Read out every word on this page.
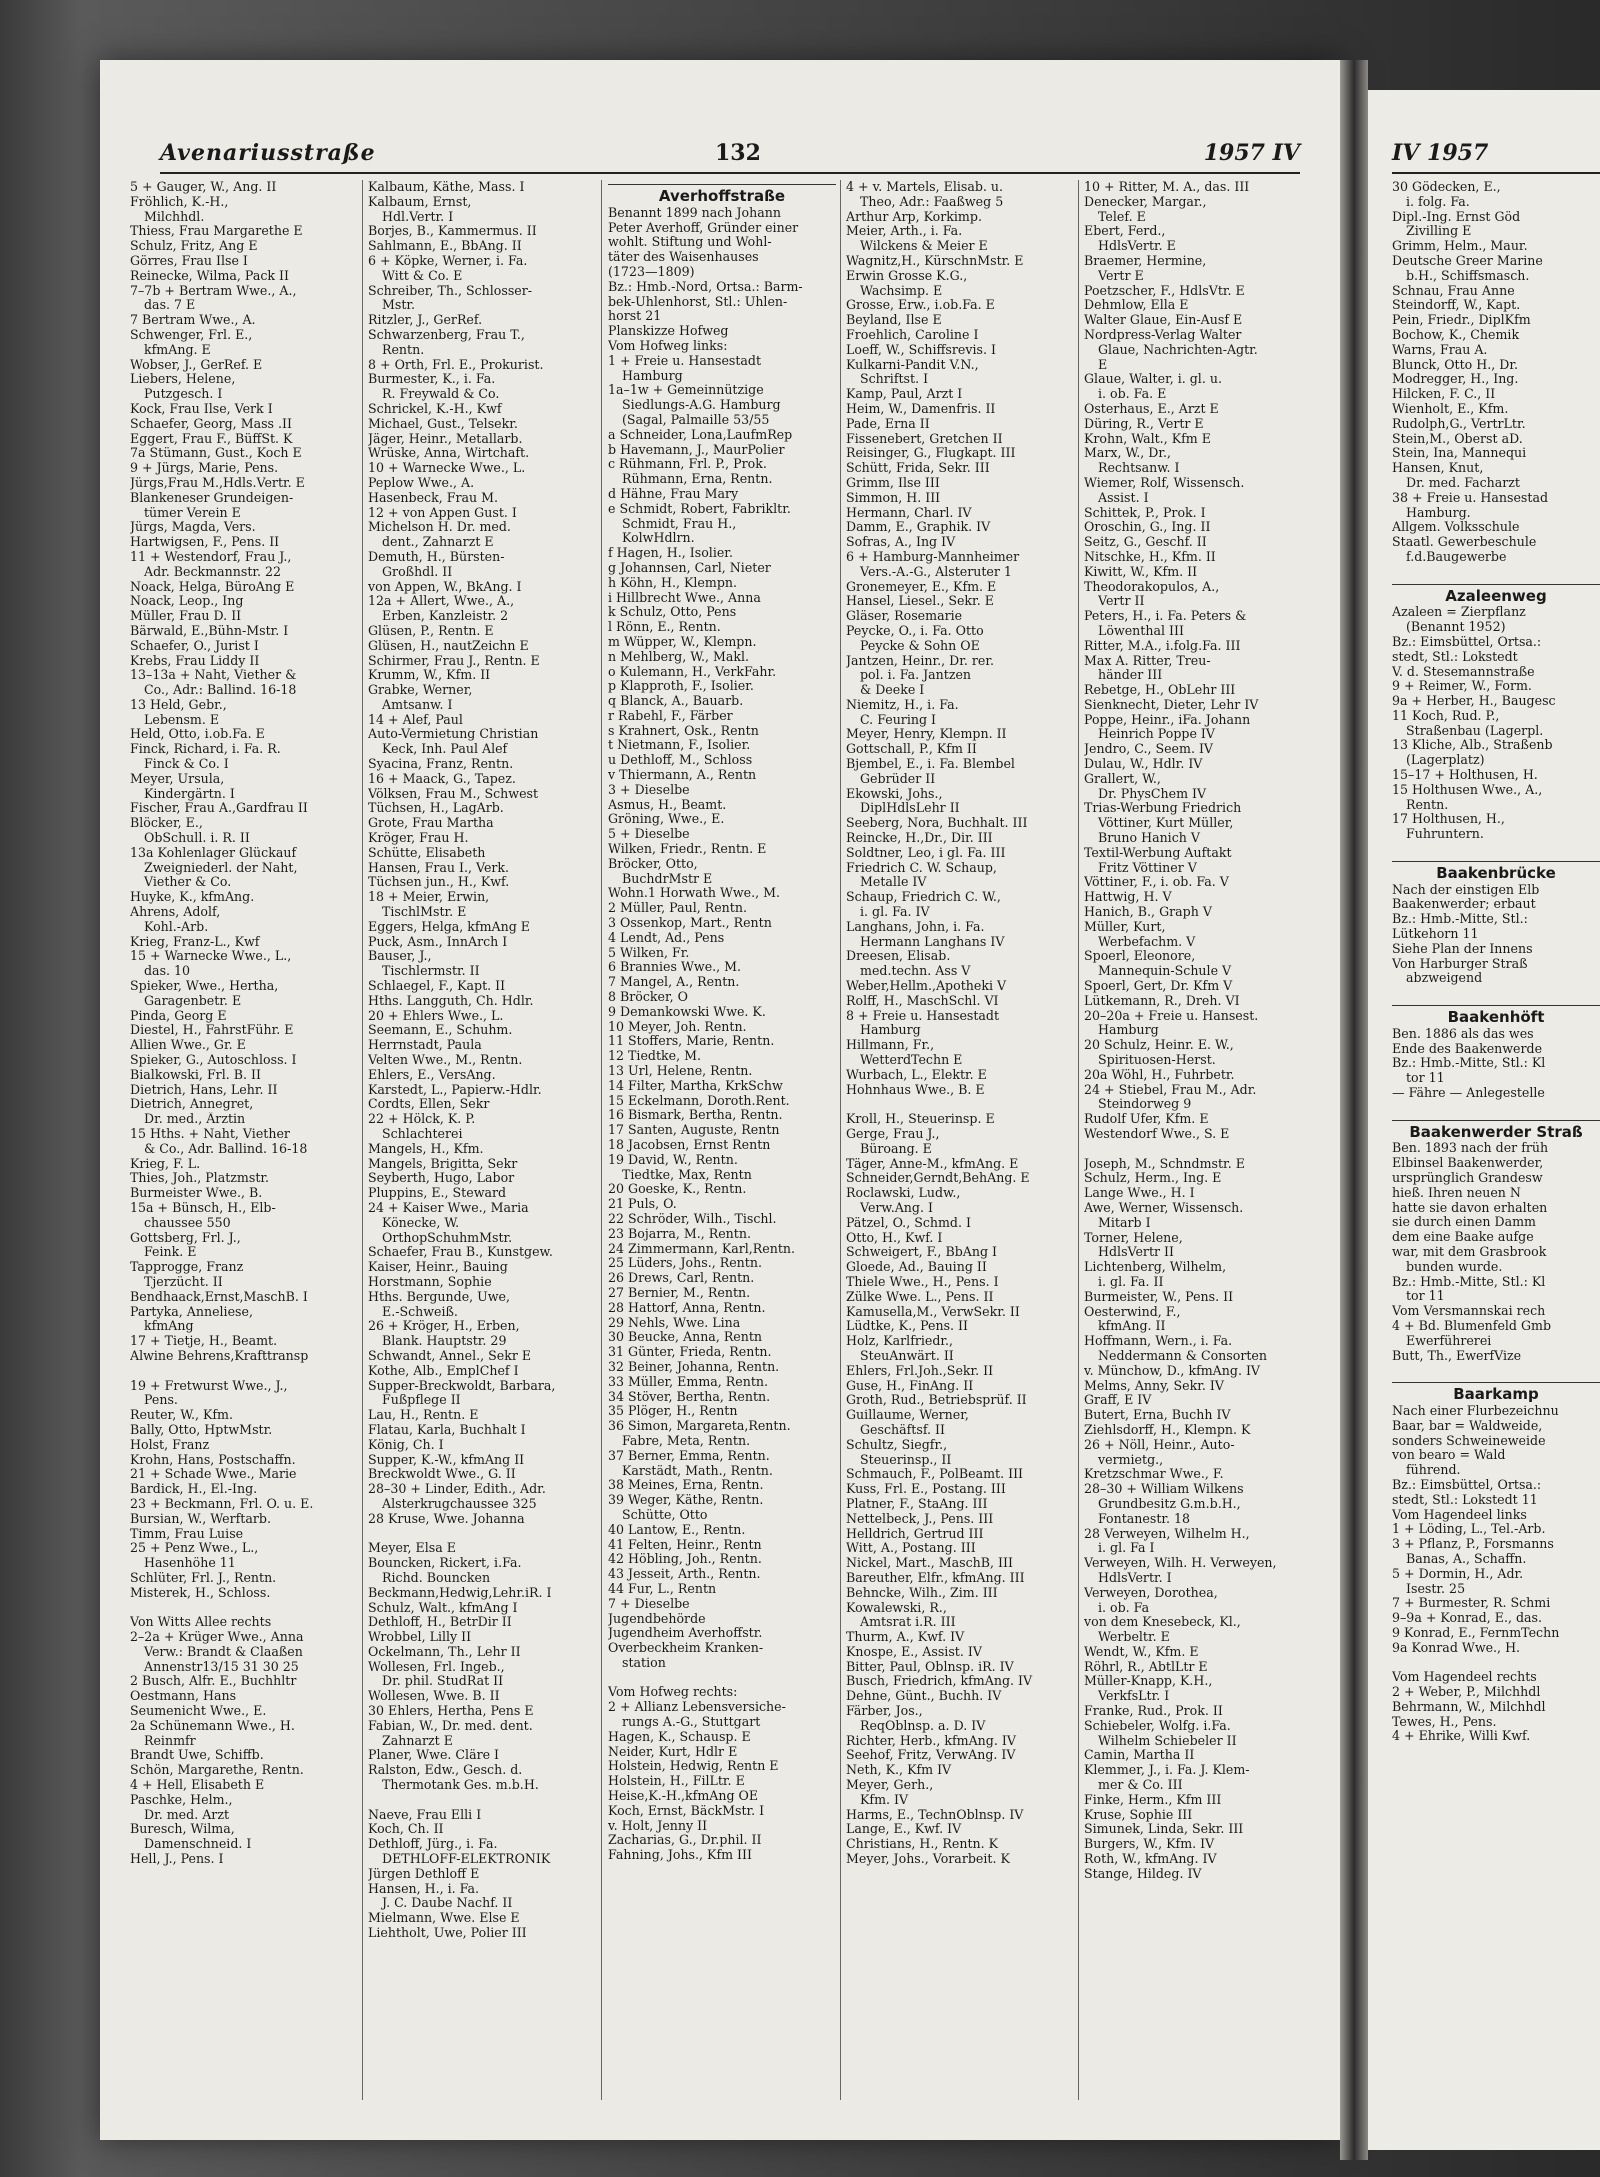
Avenariusstraße	132	1957 IV
5 + Gauger, W., Ang. II
Fröhlich, K.-H.,
Milchhdl.
Thiess, Frau Margarethe E
Schulz, Fritz, Ang E
Görres, Frau Ilse I
Reinecke, Wilma, Pack II
7–7b + Bertram Wwe., A.,
das. 7 E
7 Bertram Wwe., A.
Schwenger, Frl. E.,
kfmAng. E
Wobser, J., GerRef. E
Liebers, Helene,
Putzgesch. I
Kock, Frau Ilse, Verk I
Schaefer, Georg, Mass .II
Eggert, Frau F., BüffSt. K
7a Stümann, Gust., Koch E
9 + Jürgs, Marie, Pens.
Jürgs,Frau M.,Hdls.Vertr. E
Blankeneser Grundeigen-
tümer Verein E
Jürgs, Magda, Vers.
Hartwigsen, F., Pens. II
11 + Westendorf, Frau J.,
Adr. Beckmannstr. 22
Noack, Helga, BüroAng E
Noack, Leop., Ing
Müller, Frau D. II
Bärwald, E.,Bühn-Mstr. I
Schaefer, O., Jurist I
Krebs, Frau Liddy II
13–13a + Naht, Viether &
Co., Adr.: Ballind. 16-18
13 Held, Gebr.,
Lebensm. E
Held, Otto, i.ob.Fa. E
Finck, Richard, i. Fa. R.
Finck & Co. I
Meyer, Ursula,
Kindergärtn. I
Fischer, Frau A.,Gardfrau II
Blöcker, E.,
ObSchull. i. R. II
13a Kohlenlager Glückauf
Zweigniederl. der Naht,
Viether & Co.
Huyke, K., kfmAng.
Ahrens, Adolf,
Kohl.-Arb.
Krieg, Franz-L., Kwf
15 + Warnecke Wwe., L.,
das. 10
Spieker, Wwe., Hertha,
Garagenbetr. E
Pinda, Georg E
Diestel, H., FahrstFühr. E
Allien Wwe., Gr. E
Spieker, G., Autoschloss. I
Bialkowski, Frl. B. II
Dietrich, Hans, Lehr. II
Dietrich, Annegret,
Dr. med., Ärztin
15 Hths. + Naht, Viether
& Co., Adr. Ballind. 16-18
Krieg, F. L.
Thies, Joh., Platzmstr.
Burmeister Wwe., B.
15a + Bünsch, H., Elb-
chaussee 550
Gottsberg, Frl. J.,
Feink. E
Tapprogge, Franz
Tjerzücht. II
Bendhaack,Ernst,MaschB. I
Partyka, Anneliese,
kfmAng
17 + Tietje, H., Beamt.
Alwine Behrens,Krafttransp

19 + Fretwurst Wwe., J.,
Pens.
Reuter, W., Kfm.
Bally, Otto, HptwMstr.
Holst, Franz
Krohn, Hans, Postschaffn.
21 + Schade Wwe., Marie
Bardick, H., El.-Ing.
23 + Beckmann, Frl. O. u. E.
Bursian, W., Werftarb.
Timm, Frau Luise
25 + Penz Wwe., L.,
Hasenhöhe 11
Schlüter, Frl. J., Rentn.
Misterek, H., Schloss.

Von Witts Allee rechts
2–2a + Krüger Wwe., Anna
Verw.: Brandt & Claaßen
Annenstr13/15 31 30 25
2 Busch, Alfr. E., Buchhltr
Oestmann, Hans
Seumenicht Wwe., E.
2a Schünemann Wwe., H.
Reinmfr
Brandt Uwe, Schiffb.
Schön, Margarethe, Rentn.
4 + Hell, Elisabeth E
Paschke, Helm.,
Dr. med. Arzt
Buresch, Wilma,
Damenschneid. I
Hell, J., Pens. I
Kalbaum, Käthe, Mass. I
Kalbaum, Ernst,
Hdl.Vertr. I
Borjes, B., Kammermus. II
Sahlmann, E., BbAng. II
6 + Köpke, Werner, i. Fa.
Witt & Co. E
Schreiber, Th., Schlosser-
Mstr.
Ritzler, J., GerRef.
Schwarzenberg, Frau T.,
Rentn.
8 + Orth, Frl. E., Prokurist.
Burmester, K., i. Fa.
R. Freywald & Co.
Schrickel, K.-H., Kwf
Michael, Gust., Telsekr.
Jäger, Heinr., Metallarb.
Wrüske, Anna, Wirtchaft.
10 + Warnecke Wwe., L.
Peplow Wwe., A.
Hasenbeck, Frau M.
12 + von Appen Gust. I
Michelson H. Dr. med.
dent., Zahnarzt E
Demuth, H., Bürsten-
Großhdl. II
von Appen, W., BkAng. I
12a + Allert, Wwe., A.,
Erben, Kanzleistr. 2
Glüsen, P., Rentn. E
Glüsen, H., nautZeichn E
Schirmer, Frau J., Rentn. E
Krumm, W., Kfm. II
Grabke, Werner,
Amtsanw. I
14 + Alef, Paul
Auto-Vermietung Christian
Keck, Inh. Paul Alef
Syacina, Franz, Rentn.
16 + Maack, G., Tapez.
Völksen, Frau M., Schwest
Tüchsen, H., LagArb.
Grote, Frau Martha
Kröger, Frau H.
Schütte, Elisabeth
Hansen, Frau I., Verk.
Tüchsen jun., H., Kwf.
18 + Meier, Erwin,
TischlMstr. E
Eggers, Helga, kfmAng E
Puck, Asm., InnArch I
Bauser, J.,
Tischlermstr. II
Schlaegel, F., Kapt. II
Hths. Langguth, Ch. Hdlr.
20 + Ehlers Wwe., L.
Seemann, E., Schuhm.
Herrnstadt, Paula
Velten Wwe., M., Rentn.
Ehlers, E., VersAng.
Karstedt, L., Papierw.-Hdlr.
Cordts, Ellen, Sekr
22 + Hölck, K. P.
Schlachterei
Mangels, H., Kfm.
Mangels, Brigitta, Sekr
Seyberth, Hugo, Labor
Pluppins, E., Steward
24 + Kaiser Wwe., Maria
Könecke, W.
OrthopSchuhmMstr.
Schaefer, Frau B., Kunstgew.
Kaiser, Heinr., Bauing
Horstmann, Sophie
Hths. Bergunde, Uwe,
E.-Schweiß.
26 + Kröger, H., Erben,
Blank. Hauptstr. 29
Schwandt, Annel., Sekr E
Kothe, Alb., EmplChef I
Supper-Breckwoldt, Barbara,
Fußpflege II
Lau, H., Rentn. E
Flatau, Karla, Buchhalt I
König, Ch. I
Supper, K.-W., kfmAng II
Breckwoldt Wwe., G. II
28–30 + Linder, Edith., Adr.
Alsterkrugchaussee 325
28 Kruse, Wwe. Johanna

Meyer, Elsa E
Bouncken, Rickert, i.Fa.
Richd. Bouncken
Beckmann,Hedwig,Lehr.iR. I
Schulz, Walt., kfmAng I
Dethloff, H., BetrDir II
Wrobbel, Lilly II
Ockelmann, Th., Lehr II
Wollesen, Frl. Ingeb.,
Dr. phil. StudRat II
Wollesen, Wwe. B. II
30 Ehlers, Hertha, Pens E
Fabian, W., Dr. med. dent.
Zahnarzt E
Planer, Wwe. Cläre I
Ralston, Edw., Gesch. d.
Thermotank Ges. m.b.H.

Naeve, Frau Elli I
Koch, Ch. II
Dethloff, Jürg., i. Fa.
DETHLOFF-ELEKTRONIK
Jürgen Dethloff E
Hansen, H., i. Fa.
J. C. Daube Nachf. II
Mielmann, Wwe. Else E
Liehtholt, Uwe, Polier III
Averhoffstraße
Benannt 1899 nach Johann
Peter Averhoff, Gründer einer
wohlt. Stiftung und Wohl-
täter des Waisenhauses
(1723—1809)
Bz.: Hmb.-Nord, Ortsa.: Barm-
bek-Uhlenhorst, Stl.: Uhlen-
horst 21
Planskizze Hofweg
Vom Hofweg links:
1 + Freie u. Hansestadt
Hamburg
1a–1w + Gemeinnützige
Siedlungs-A.G. Hamburg
(Sagal, Palmaille 53/55
a Schneider, Lona,LaufmRep
b Havemann, J., MaurPolier
c Rühmann, Frl. P., Prok.
Rühmann, Erna, Rentn.
d Hähne, Frau Mary
e Schmidt, Robert, Fabrikltr.
Schmidt, Frau H.,
KolwHdlrn.
f Hagen, H., Isolier.
g Johannsen, Carl, Nieter
h Köhn, H., Klempn.
i Hillbrecht Wwe., Anna
k Schulz, Otto, Pens
l Rönn, E., Rentn.
m Wüpper, W., Klempn.
n Mehlberg, W., Makl.
o Kulemann, H., VerkFahr.
p Klapproth, F., Isolier.
q Blanck, A., Bauarb.
r Rabehl, F., Färber
s Krahnert, Osk., Rentn
t Nietmann, F., Isolier.
u Dethloff, M., Schloss
v Thiermann, A., Rentn
3 + Dieselbe
Asmus, H., Beamt.
Gröning, Wwe., E.
5 + Dieselbe
Wilken, Friedr., Rentn. E
Bröcker, Otto,
BuchdrMstr E
Wohn.1 Horwath Wwe., M.
2 Müller, Paul, Rentn.
3 Ossenkop, Mart., Rentn
4 Lendt, Ad., Pens
5 Wilken, Fr.
6 Brannies Wwe., M.
7 Mangel, A., Rentn.
8 Bröcker, O
9 Demankowski Wwe. K.
10 Meyer, Joh. Rentn.
11 Stoffers, Marie, Rentn.
12 Tiedtke, M.
13 Url, Helene, Rentn.
14 Filter, Martha, KrkSchw
15 Eckelmann, Doroth.Rent.
16 Bismark, Bertha, Rentn.
17 Santen, Auguste, Rentn
18 Jacobsen, Ernst Rentn
19 David, W., Rentn.
Tiedtke, Max, Rentn
20 Goeske, K., Rentn.
21 Puls, O.
22 Schröder, Wilh., Tischl.
23 Bojarra, M., Rentn.
24 Zimmermann, Karl,Rentn.
25 Lüders, Johs., Rentn.
26 Drews, Carl, Rentn.
27 Bernier, M., Rentn.
28 Hattorf, Anna, Rentn.
29 Nehls, Wwe. Lina
30 Beucke, Anna, Rentn
31 Günter, Frieda, Rentn.
32 Beiner, Johanna, Rentn.
33 Müller, Emma, Rentn.
34 Stöver, Bertha, Rentn.
35 Plöger, H., Rentn
36 Simon, Margareta,Rentn.
Fabre, Meta, Rentn.
37 Berner, Emma, Rentn.
Karstädt, Math., Rentn.
38 Meines, Erna, Rentn.
39 Weger, Käthe, Rentn.
Schütte, Otto
40 Lantow, E., Rentn.
41 Felten, Heinr., Rentn
42 Höbling, Joh., Rentn.
43 Jesseit, Arth., Rentn.
44 Fur, L., Rentn
7 + Dieselbe
Jugendbehörde
Jugendheim Averhoffstr.
Overbeckheim Kranken-
station

Vom Hofweg rechts:
2 + Allianz Lebensversiche-
rungs A.-G., Stuttgart
Hagen, K., Schausp. E
Neider, Kurt, Hdlr E
Holstein, Hedwig, Rentn E
Holstein, H., FilLtr. E
Heise,K.-H.,kfmAng OE
Koch, Ernst, BäckMstr. I
v. Holt, Jenny II
Zacharias, G., Dr.phil. II
Fahning, Johs., Kfm III
4 + v. Martels, Elisab. u.
Theo, Adr.: Faaßweg 5
Arthur Arp, Korkimp.
Meier, Arth., i. Fa.
Wilckens & Meier E
Wagnitz,H., KürschnMstr. E
Erwin Grosse K.G.,
Wachsimp. E
Grosse, Erw., i.ob.Fa. E
Beyland, Ilse E
Froehlich, Caroline I
Loeff, W., Schiffsrevis. I
Kulkarni-Pandit V.N.,
Schriftst. I
Kamp, Paul, Arzt I
Heim, W., Damenfris. II
Pade, Erna II
Fissenebert, Gretchen II
Reisinger, G., Flugkapt. III
Schütt, Frida, Sekr. III
Grimm, Ilse III
Simmon, H. III
Hermann, Charl. IV
Damm, E., Graphik. IV
Sofras, A., Ing IV
6 + Hamburg-Mannheimer
Vers.-A.-G., Alsteruter 1
Gronemeyer, E., Kfm. E
Hansel, Liesel., Sekr. E
Gläser, Rosemarie
Peycke, O., i. Fa. Otto
Peycke & Sohn OE
Jantzen, Heinr., Dr. rer.
pol. i. Fa. Jantzen
& Deeke I
Niemitz, H., i. Fa.
C. Feuring I
Meyer, Henry, Klempn. II
Gottschall, P., Kfm II
Bjembel, E., i. Fa. Blembel
Gebrüder II
Ekowski, Johs.,
DiplHdlsLehr II
Seeberg, Nora, Buchhalt. III
Reincke, H.,Dr., Dir. III
Soldtner, Leo, i gl. Fa. III
Friedrich C. W. Schaup,
Metalle IV
Schaup, Friedrich C. W.,
i. gl. Fa. IV
Langhans, John, i. Fa.
Hermann Langhans IV
Dreesen, Elisab.
med.techn. Ass V
Weber,Hellm.,Apotheki V
Rolff, H., MaschSchl. VI
8 + Freie u. Hansestadt
Hamburg
Hillmann, Fr.,
WetterdTechn E
Wurbach, L., Elektr. E
Hohnhaus Wwe., B. E

Kroll, H., Steuerinsp. E
Gerge, Frau J.,
Büroang. E
Täger, Anne-M., kfmAng. E
Schneider,Gerndt,BehAng. E
Roclawski, Ludw.,
Verw.Ang. I
Pätzel, O., Schmd. I
Otto, H., Kwf. I
Schweigert, F., BbAng I
Gloede, Ad., Bauing II
Thiele Wwe., H., Pens. I
Zülke Wwe. L., Pens. II
Kamusella,M., VerwSekr. II
Lüdtke, K., Pens. II
Holz, Karlfriedr.,
SteuAnwärt. II
Ehlers, Frl.Joh.,Sekr. II
Guse, H., FinAng. II
Groth, Rud., Betriebsprüf. II
Guillaume, Werner,
Geschäftsf. II
Schultz, Siegfr.,
Steuerinsp., II
Schmauch, F., PolBeamt. III
Kuss, Frl. E., Postang. III
Platner, F., StaAng. III
Nettelbeck, J., Pens. III
Helldrich, Gertrud III
Witt, A., Postang. III
Nickel, Mart., MaschB, III
Bareuther, Elfr., kfmAng. III
Behncke, Wilh., Zim. III
Kowalewski, R.,
Amtsrat i.R. III
Thurm, A., Kwf. IV
Knospe, E., Assist. IV
Bitter, Paul, Oblnsp. iR. IV
Busch, Friedrich, kfmAng. IV
Dehne, Günt., Buchh. IV
Färber, Jos.,
ReqOblnsp. a. D. IV
Richter, Herb., kfmAng. IV
Seehof, Fritz, VerwAng. IV
Neth, K., Kfm IV
Meyer, Gerh.,
Kfm. IV
Harms, E., TechnOblnsp. IV
Lange, E., Kwf. IV
Christians, H., Rentn. K
Meyer, Johs., Vorarbeit. K
10 + Ritter, M. A., das. III
Denecker, Margar.,
Telef. E
Ebert, Ferd.,
HdlsVertr. E
Braemer, Hermine,
Vertr E
Poetzscher, F., HdlsVtr. E
Dehmlow, Ella E
Walter Glaue, Ein-Ausf E
Nordpress-Verlag Walter
Glaue, Nachrichten-Agtr.
E
Glaue, Walter, i. gl. u.
i. ob. Fa. E
Osterhaus, E., Arzt E
Düring, R., Vertr E
Krohn, Walt., Kfm E
Marx, W., Dr.,
Rechtsanw. I
Wiemer, Rolf, Wissensch.
Assist. I
Schittek, P., Prok. I
Oroschin, G., Ing. II
Seitz, G., Geschf. II
Nitschke, H., Kfm. II
Kiwitt, W., Kfm. II
Theodorakopulos, A.,
Vertr II
Peters, H., i. Fa. Peters &
Löwenthal III
Ritter, M.A., i.folg.Fa. III
Max A. Ritter, Treu-
händer III
Rebetge, H., ObLehr III
Sienknecht, Dieter, Lehr IV
Poppe, Heinr., iFa. Johann
Heinrich Poppe IV
Jendro, C., Seem. IV
Dulau, W., Hdlr. IV
Grallert, W.,
Dr. PhysChem IV
Trias-Werbung Friedrich
Vöttiner, Kurt Müller,
Bruno Hanich V
Textil-Werbung Auftakt
Fritz Vöttiner V
Vöttiner, F., i. ob. Fa. V
Hattwig, H. V
Hanich, B., Graph V
Müller, Kurt,
Werbefachm. V
Spoerl, Eleonore,
Mannequin-Schule V
Spoerl, Gert, Dr. Kfm V
Lütkemann, R., Dreh. VI
20–20a + Freie u. Hansest.
Hamburg
20 Schulz, Heinr. E. W.,
Spirituosen-Herst.
20a Wöhl, H., Fuhrbetr.
24 + Stiebel, Frau M., Adr.
Steindorweg 9
Rudolf Ufer, Kfm. E
Westendorf Wwe., S. E

Joseph, M., Schndmstr. E
Schulz, Herm., Ing. E
Lange Wwe., H. I
Awe, Werner, Wissensch.
Mitarb I
Torner, Helene,
HdlsVertr II
Lichtenberg, Wilhelm,
i. gl. Fa. II
Burmeister, W., Pens. II
Oesterwind, F.,
kfmAng. II
Hoffmann, Wern., i. Fa.
Neddermann & Consorten
v. Münchow, D., kfmAng. IV
Melms, Anny, Sekr. IV
Graff, E IV
Butert, Erna, Buchh IV
Ziehlsdorff, H., Klempn. K
26 + Nöll, Heinr., Auto-
vermietg.,
Kretzschmar Wwe., F.
28–30 + William Wilkens
Grundbesitz G.m.b.H.,
Fontanestr. 18
28 Verweyen, Wilhelm H.,
i. gl. Fa I
Verweyen, Wilh. H. Verweyen,
HdlsVertr. I
Verweyen, Dorothea,
i. ob. Fa
von dem Knesebeck, Kl.,
Werbeltr. E
Wendt, W., Kfm. E
Röhrl, R., AbtlLtr E
Müller-Knapp, K.H.,
VerkfsLtr. I
Franke, Rud., Prok. II
Schiebeler, Wolfg. i.Fa.
Wilhelm Schiebeler II
Camin, Martha II
Klemmer, J., i. Fa. J. Klem-
mer & Co. III
Finke, Herm., Kfm III
Kruse, Sophie III
Simunek, Linda, Sekr. III
Burgers, W., Kfm. IV
Roth, W., kfmAng. IV
Stange, Hildeg. IV
IV 1957
30 Gödecken, E.,
i. folg. Fa.
Dipl.-Ing. Ernst Göd
Zivilling E
Grimm, Helm., Maur.
Deutsche Greer Marine
b.H., Schiffsmasch.
Schnau, Frau Anne
Steindorff, W., Kapt.
Pein, Friedr., DiplKfm
Bochow, K., Chemik
Warns, Frau A.
Blunck, Otto H., Dr.
Modregger, H., Ing.
Hilcken, F. C., II
Wienholt, E., Kfm.
Rudolph,G., VertrLtr.
Stein,M., Oberst aD.
Stein, Ina, Mannequi
Hansen, Knut,
Dr. med. Facharzt
38 + Freie u. Hansestad
Hamburg.
Allgem. Volksschule
Staatl. Gewerbeschule
f.d.Baugewerbe

Azaleenweg
Azaleen = Zierpflanz
(Benannt 1952)
Bz.: Eimsbüttel, Ortsa.:
stedt, Stl.: Lokstedt
V. d. Stesemannstraße
9 + Reimer, W., Form.
9a + Herber, H., Baugesc
11 Koch, Rud. P.,
Straßenbau (Lagerpl.
13 Kliche, Alb., Straßenb
(Lagerplatz)
15–17 + Holthusen, H.
15 Holthusen Wwe., A.,
Rentn.
17 Holthusen, H.,
Fuhruntern.

Baakenbrücke
Nach der einstigen Elb
Baakenwerder; erbaut
Bz.: Hmb.-Mitte, Stl.:
Lütkehorn 11
Siehe Plan der Innens
Von Harburger Straß
abzweigend

Baakenhöft
Ben. 1886 als das wes
Ende des Baakenwerde
Bz.: Hmb.-Mitte, Stl.: Kl
tor 11
— Fähre — Anlegestelle

Baakenwerder Straß
Ben. 1893 nach der früh
Elbinsel Baakenwerder,
ursprünglich Grandesw
hieß. Ihren neuen N
hatte sie davon erhalten
sie durch einen Damm
dem eine Baake aufge
war, mit dem Grasbrook
bunden wurde.
Bz.: Hmb.-Mitte, Stl.: Kl
tor 11
Vom Versmannskai rech
4 + Bd. Blumenfeld Gmb
Ewerführerei
Butt, Th., EwerfVize

Baarkamp
Nach einer Flurbezeichnu
Baar, bar = Waldweide,
sonders Schweineweide
von bearo = Wald
führend.
Bz.: Eimsbüttel, Ortsa.:
stedt, Stl.: Lokstedt 11
Vom Hagendeel links
1 + Löding, L., Tel.-Arb.
3 + Pflanz, P., Forsmanns
Banas, A., Schaffn.
5 + Dormin, H., Adr.
Isestr. 25
7 + Burmester, R. Schmi
9–9a + Konrad, E., das.
9 Konrad, E., FernmTechn
9a Konrad Wwe., H.

Vom Hagendeel rechts
2 + Weber, P., Milchhdl
Behrmann, W., Milchhdl
Tewes, H., Pens.
4 + Ehrike, Willi Kwf.
